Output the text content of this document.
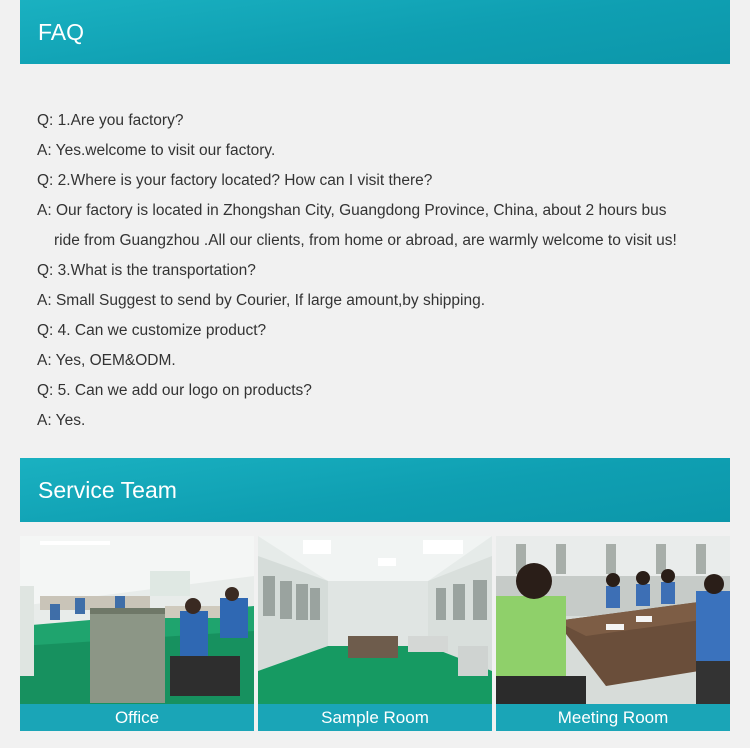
FAQ
Q: 1.Are you factory?
A: Yes.welcome to visit our factory.
Q: 2.Where is your factory located? How can I visit there?
A: Our factory is located in Zhongshan City, Guangdong Province, China, about 2 hours bus
ride from Guangzhou .All our clients, from home or abroad, are warmly welcome to visit us!
Q: 3.What is the transportation?
A: Small Suggest to send by Courier, If large amount,by shipping.
Q: 4. Can we customize product?
A: Yes, OEM&ODM.
Q: 5. Can we add our logo on products?
A: Yes.
Service Team
Office	Sample Room	Meeting Room
